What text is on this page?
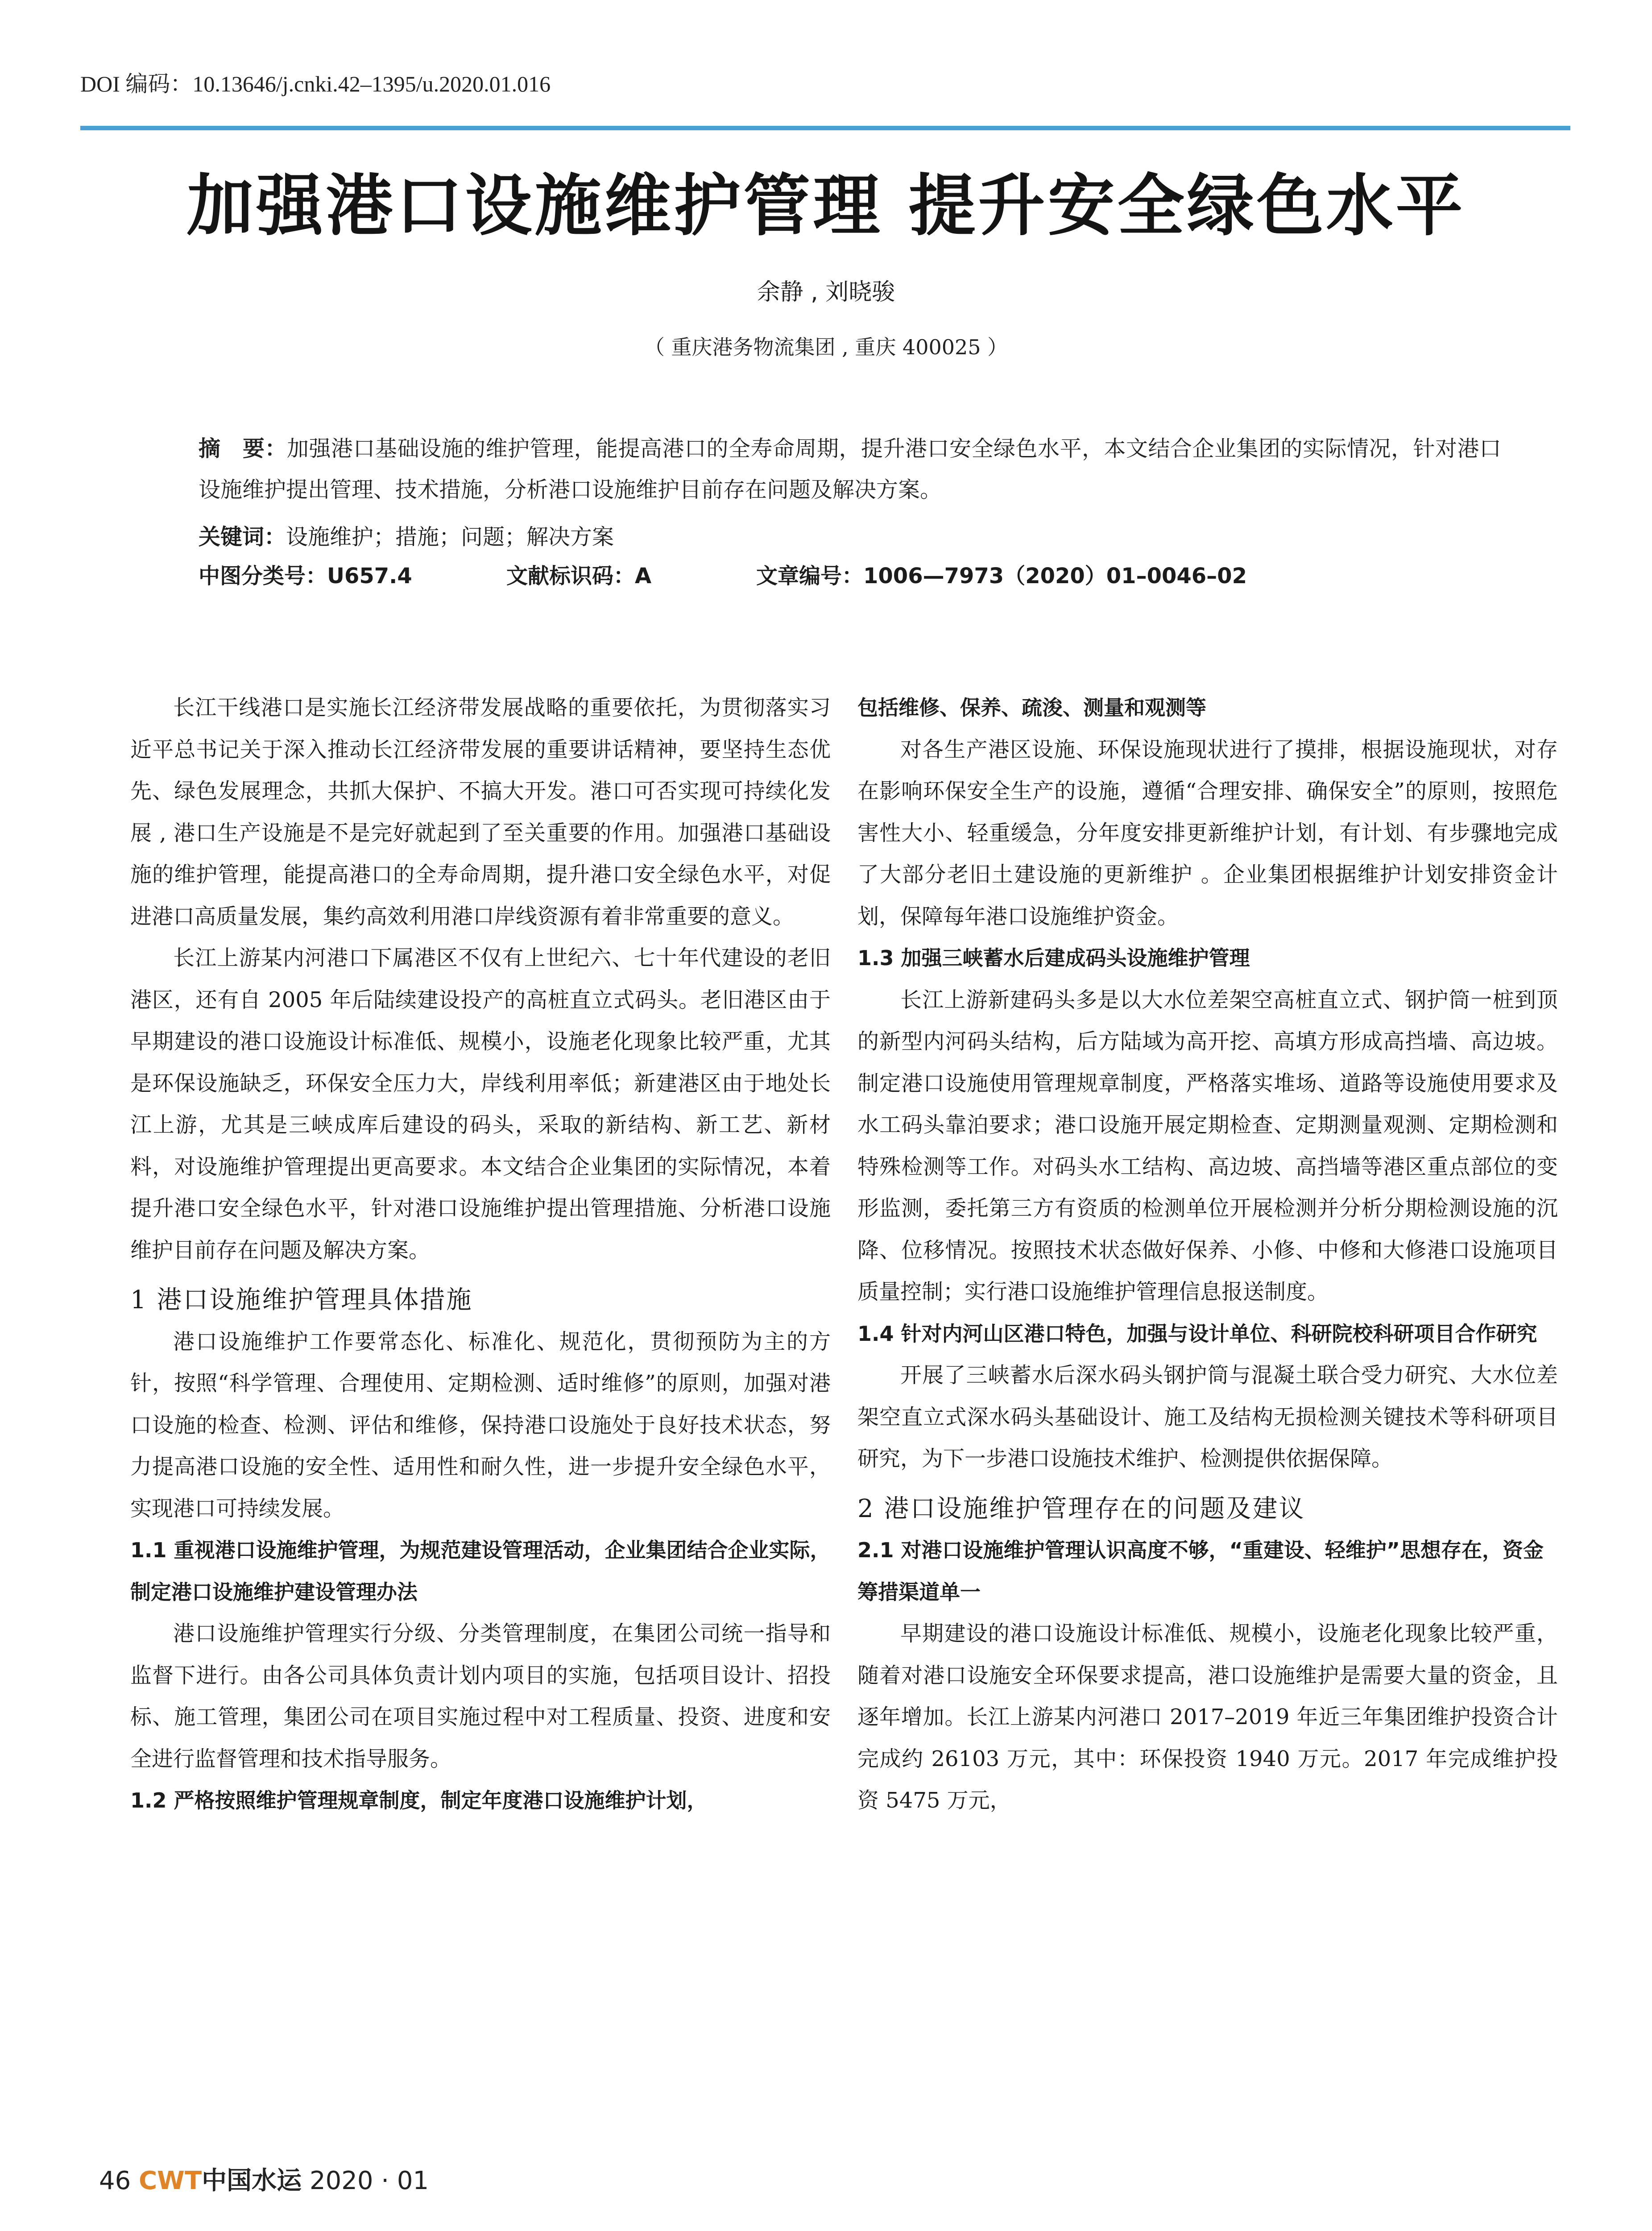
DOI 编码：10.13646/j.cnki.42–1395/u.2020.01.016
加强港口设施维护管理 提升安全绿色水平
余静 , 刘晓骏
（ 重庆港务物流集团 , 重庆 400025 ）
摘　要：加强港口基础设施的维护管理，能提高港口的全寿命周期，提升港口安全绿色水平，本文结合企业集团的实际情况，针对港口设施维护提出管理、技术措施，分析港口设施维护目前存在问题及解决方案。
关键词：设施维护；措施；问题；解决方案
中图分类号：U657.4	文献标识码：A	文章编号：1006—7973（2020）01–0046–02

长江干线港口是实施长江经济带发展战略的重要依托，为贯彻落实习近平总书记关于深入推动长江经济带发展的重要讲话精神，要坚持生态优先、绿色发展理念，共抓大保护、不搞大开发。港口可否实现可持续化发展 , 港口生产设施是不是完好就起到了至关重要的作用。加强港口基础设施的维护管理，能提高港口的全寿命周期，提升港口安全绿色水平，对促进港口高质量发展，集约高效利用港口岸线资源有着非常重要的意义。

长江上游某内河港口下属港区不仅有上世纪六、七十年代建设的老旧港区，还有自 2005 年后陆续建设投产的高桩直立式码头。老旧港区由于早期建设的港口设施设计标准低、规模小，设施老化现象比较严重，尤其是环保设施缺乏，环保安全压力大，岸线利用率低；新建港区由于地处长江上游，尤其是三峡成库后建设的码头，采取的新结构、新工艺、新材料，对设施维护管理提出更高要求。本文结合企业集团的实际情况，本着提升港口安全绿色水平，针对港口设施维护提出管理措施、分析港口设施维护目前存在问题及解决方案。

1 港口设施维护管理具体措施

港口设施维护工作要常态化、标准化、规范化，贯彻预防为主的方针，按照“科学管理、合理使用、定期检测、适时维修”的原则，加强对港口设施的检查、检测、评估和维修，保持港口设施处于良好技术状态，努力提高港口设施的安全性、适用性和耐久性，进一步提升安全绿色水平，实现港口可持续发展。

1.1 重视港口设施维护管理，为规范建设管理活动，企业集团结合企业实际，制定港口设施维护建设管理办法

港口设施维护管理实行分级、分类管理制度，在集团公司统一指导和监督下进行。由各公司具体负责计划内项目的实施，包括项目设计、招投标、施工管理，集团公司在项目实施过程中对工程质量、投资、进度和安全进行监督管理和技术指导服务。

1.2 严格按照维护管理规章制度，制定年度港口设施维护计划，
包括维修、保养、疏浚、测量和观测等

对各生产港区设施、环保设施现状进行了摸排，根据设施现状，对存在影响环保安全生产的设施，遵循“合理安排、确保安全”的原则，按照危害性大小、轻重缓急，分年度安排更新维护计划，有计划、有步骤地完成了大部分老旧土建设施的更新维护 。企业集团根据维护计划安排资金计划，保障每年港口设施维护资金。

1.3 加强三峡蓄水后建成码头设施维护管理

长江上游新建码头多是以大水位差架空高桩直立式、钢护筒一桩到顶的新型内河码头结构，后方陆域为高开挖、高填方形成高挡墙、高边坡。制定港口设施使用管理规章制度，严格落实堆场、道路等设施使用要求及水工码头靠泊要求；港口设施开展定期检查、定期测量观测、定期检测和特殊检测等工作。对码头水工结构、高边坡、高挡墙等港区重点部位的变形监测，委托第三方有资质的检测单位开展检测并分析分期检测设施的沉降、位移情况。按照技术状态做好保养、小修、中修和大修港口设施项目质量控制；实行港口设施维护管理信息报送制度。

1.4 针对内河山区港口特色，加强与设计单位、科研院校科研项目合作研究

开展了三峡蓄水后深水码头钢护筒与混凝土联合受力研究、大水位差架空直立式深水码头基础设计、施工及结构无损检测关键技术等科研项目研究，为下一步港口设施技术维护、检测提供依据保障。

2 港口设施维护管理存在的问题及建议
2.1 对港口设施维护管理认识高度不够，“重建设、轻维护”思想存在，资金筹措渠道单一

早期建设的港口设施设计标准低、规模小，设施老化现象比较严重，随着对港口设施安全环保要求提高，港口设施维护是需要大量的资金，且逐年增加。长江上游某内河港口 2017–2019 年近三年集团维护投资合计完成约 26103 万元，其中：环保投资 1940 万元。2017 年完成维护投资 5475 万元，

46 CWT中国水运 2020 · 01
